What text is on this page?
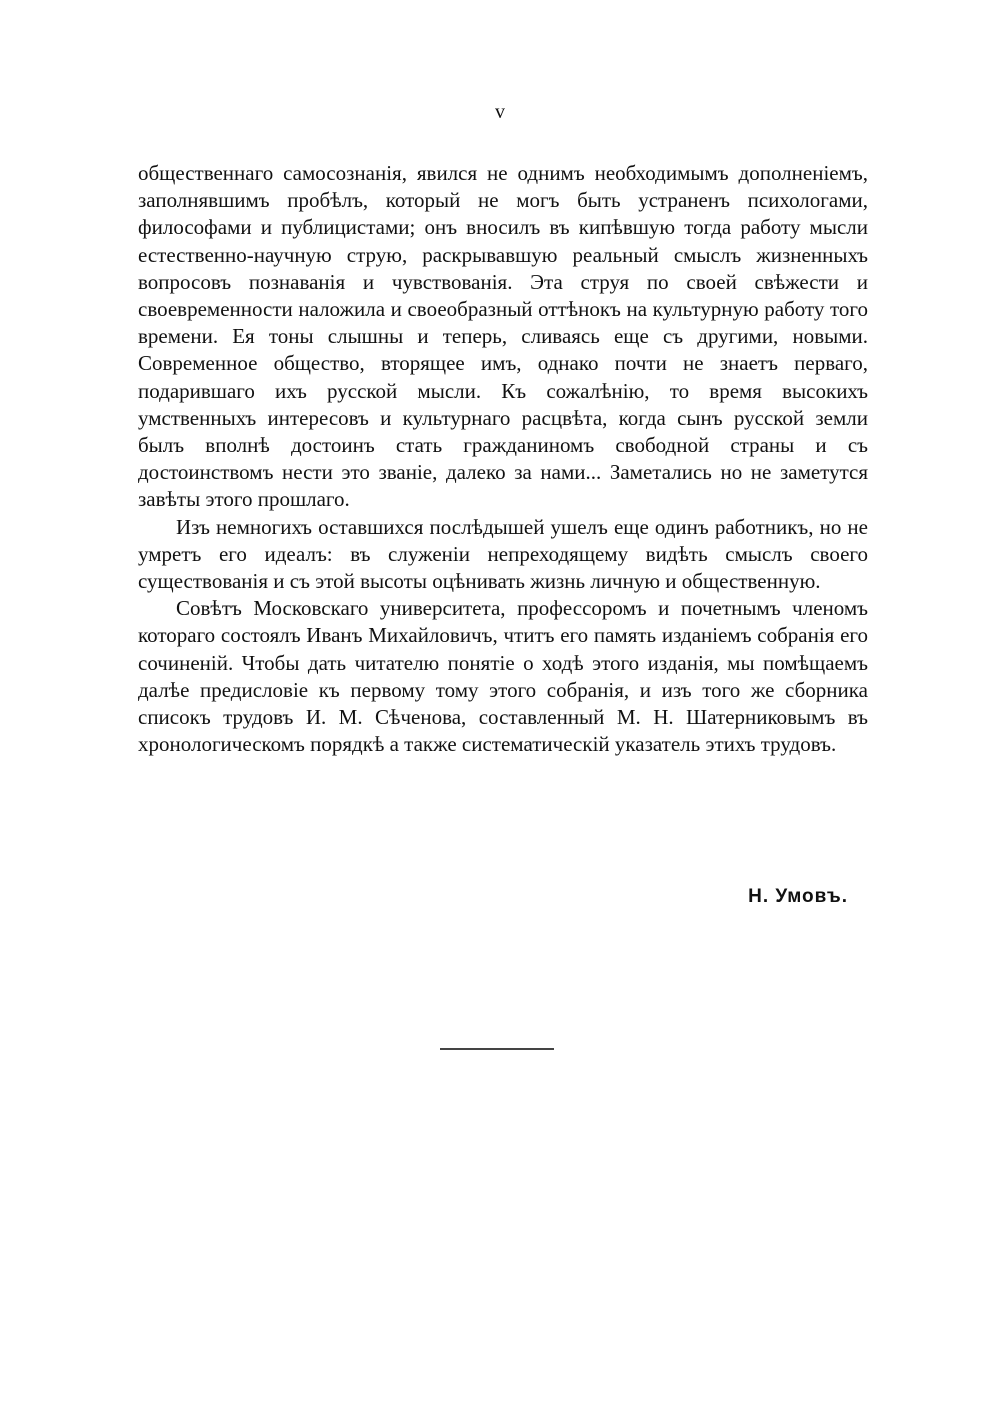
v

общественнаго самосознанія, явился не однимъ необходимымъ дополненіемъ, заполнявшимъ пробѣлъ, который не могъ быть устраненъ психологами, философами и публицистами; онъ вносилъ въ кипѣвшую тогда работу мысли естественно-научную струю, раскрывавшую реальный смыслъ жизненныхъ вопросовъ познаванія и чувствованія. Эта струя по своей свѣжести и своевременности наложила и своеобразный оттѣнокъ на культурную работу того времени. Ея тоны слышны и теперь, сливаясь еще съ другими, новыми. Современное общество, вторящее имъ, однако почти не знаетъ перваго, подарившаго ихъ русской мысли. Къ сожалѣнію, то время высокихъ умственныхъ интересовъ и культурнаго расцвѣта, когда сынъ русской земли былъ вполнѣ достоинъ стать гражданиномъ свободной страны и съ достоинствомъ нести это званіе, далеко за нами... Заметались но не заметутся завѣты этого прошлаго.

Изъ немногихъ оставшихся послѣдышей ушелъ еще одинъ работникъ, но не умретъ его идеалъ: въ служеніи непреходящему видѣть смыслъ своего существованія и съ этой высоты оцѣнивать жизнь личную и общественную.

Совѣтъ Московскаго университета, профессоромъ и почетнымъ членомъ котораго состоялъ Иванъ Михайловичъ, чтитъ его память изданіемъ собранія его сочиненій. Чтобы дать читателю понятіе о ходѣ этого изданія, мы помѣщаемъ далѣе предисловіе къ первому тому этого собранія, и изъ того же сборника списокъ трудовъ И. М. Сѣченова, составленный М. Н. Шатерниковымъ въ хронологическомъ порядкѣ а также систематическій указатель этихъ трудовъ.

Н. Умовъ.
